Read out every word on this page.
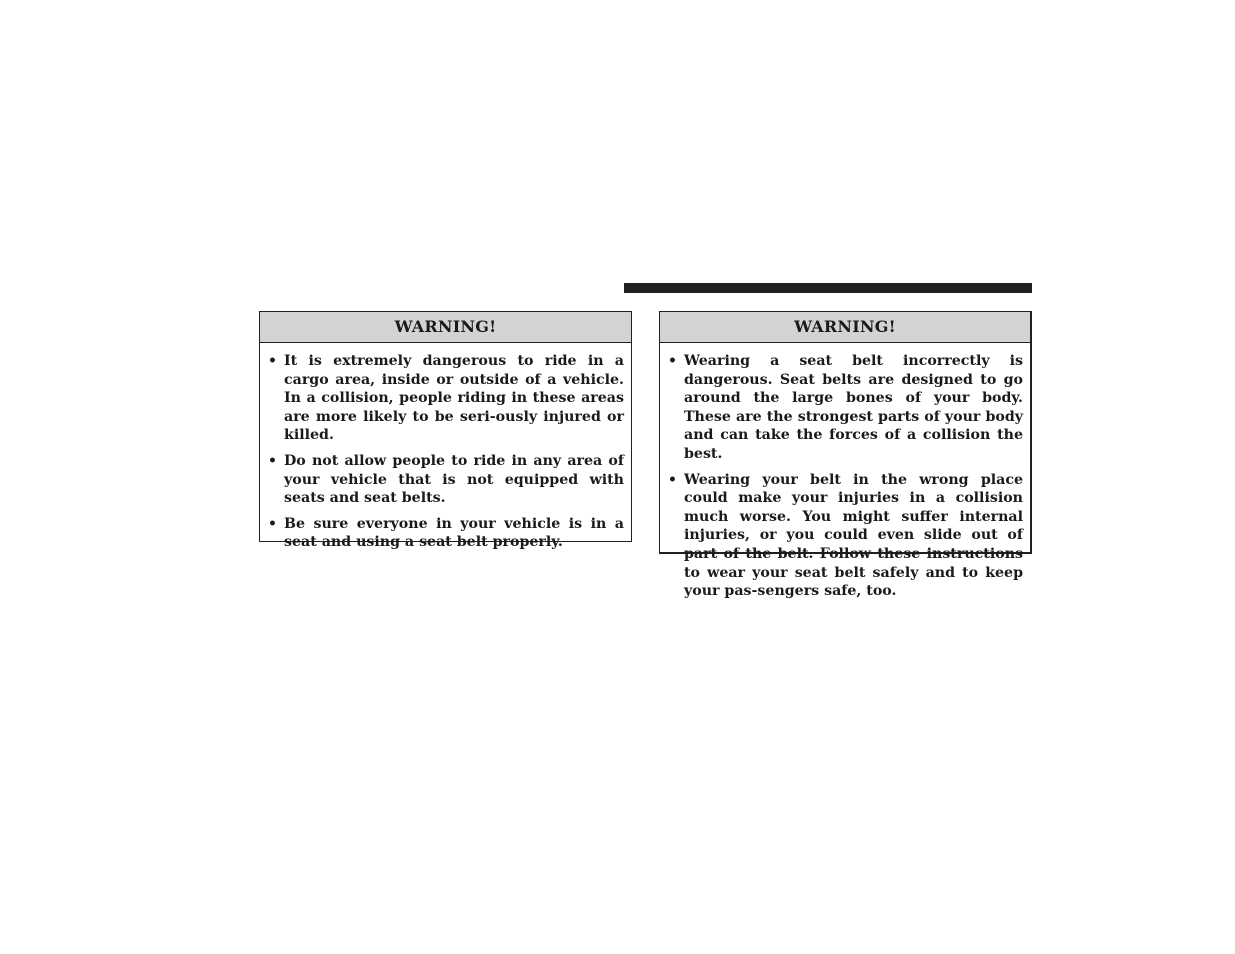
WARNING!
• It is extremely dangerous to ride in a cargo area, inside or outside of a vehicle. In a collision, people riding in these areas are more likely to be seri-ously injured or killed.
• Do not allow people to ride in any area of your vehicle that is not equipped with seats and seat belts.
• Be sure everyone in your vehicle is in a seat and using a seat belt properly.
WARNING!
• Wearing a seat belt incorrectly is dangerous. Seat belts are designed to go around the large bones of your body. These are the strongest parts of your body and can take the forces of a collision the best.
• Wearing your belt in the wrong place could make your injuries in a collision much worse. You might suffer internal injuries, or you could even slide out of part of the belt. Follow these instructions to wear your seat belt safely and to keep your pas-sengers safe, too.
